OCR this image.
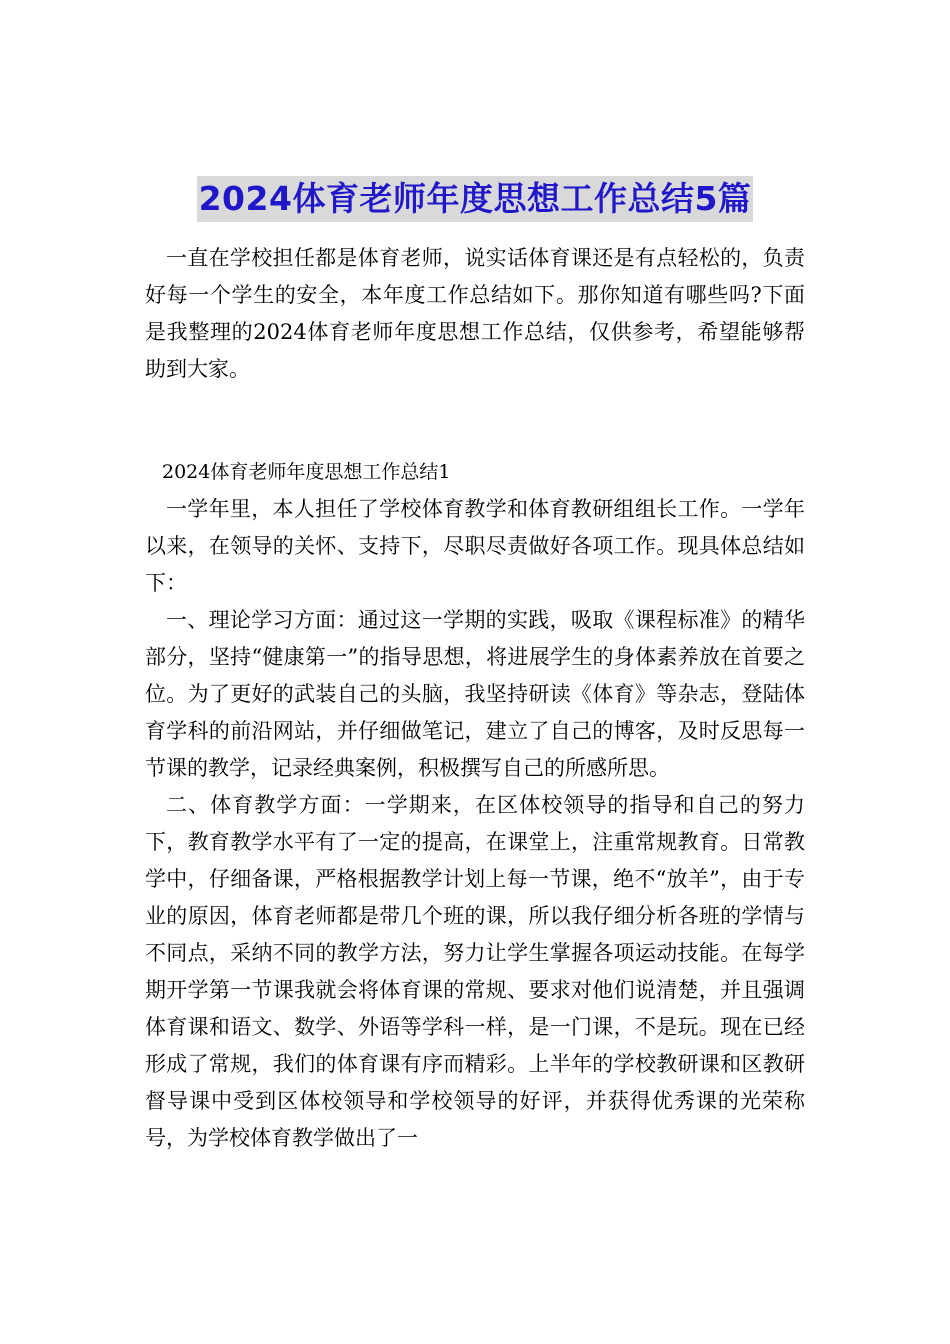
2024体育老师年度思想工作总结5篇

一直在学校担任都是体育老师，说实话体育课还是有点轻松的，负责好每一个学生的安全，本年度工作总结如下。那你知道有哪些吗?下面是我整理的2024体育老师年度思想工作总结，仅供参考，希望能够帮助到大家。

2024体育老师年度思想工作总结1

一学年里，本人担任了学校体育教学和体育教研组组长工作。一学年以来，在领导的关怀、支持下，尽职尽责做好各项工作。现具体总结如下：

一、理论学习方面：通过这一学期的实践，吸取《课程标准》的精华部分，坚持“健康第一”的指导思想，将进展学生的身体素养放在首要之位。为了更好的武装自己的头脑，我坚持研读《体育》等杂志，登陆体育学科的前沿网站，并仔细做笔记，建立了自己的博客，及时反思每一节课的教学，记录经典案例，积极撰写自己的所感所思。

二、体育教学方面：一学期来，在区体校领导的指导和自己的努力下，教育教学水平有了一定的提高，在课堂上，注重常规教育。日常教学中，仔细备课，严格根据教学计划上每一节课，绝不“放羊”，由于专业的原因，体育老师都是带几个班的课，所以我仔细分析各班的学情与不同点，采纳不同的教学方法，努力让学生掌握各项运动技能。在每学期开学第一节课我就会将体育课的常规、要求对他们说清楚，并且强调体育课和语文、数学、外语等学科一样，是一门课，不是玩。现在已经形成了常规，我们的体育课有序而精彩。上半年的学校教研课和区教研督导课中受到区体校领导和学校领导的好评，并获得优秀课的光荣称号，为学校体育教学做出了一
